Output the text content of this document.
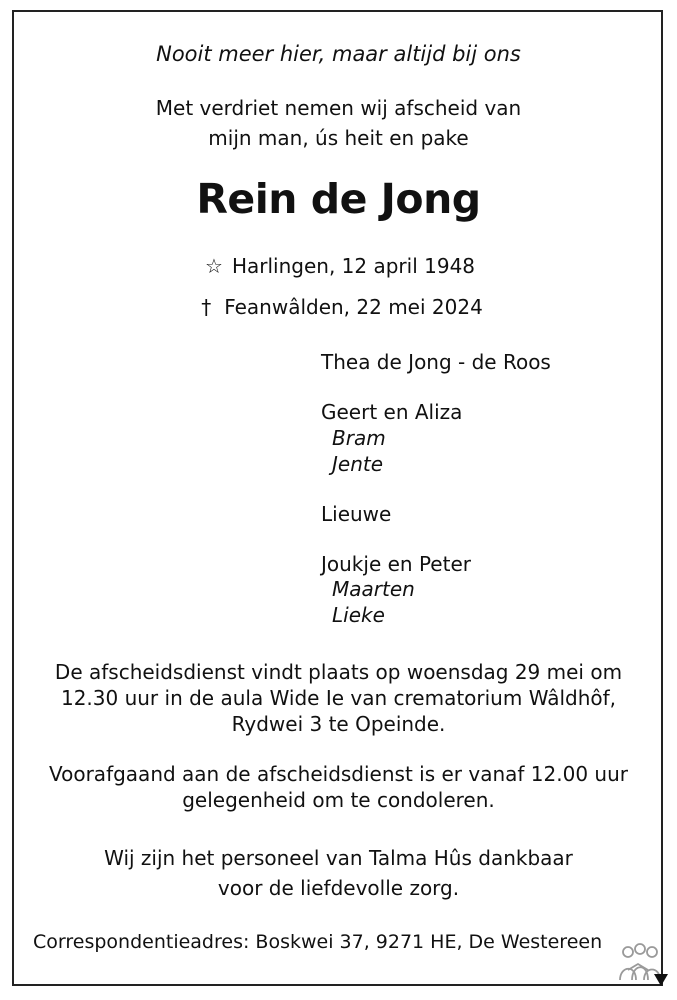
Nooit meer hier, maar altijd bij ons
Met verdriet nemen wij afscheid van
mijn man, ús heit en pake
Rein de Jong
☆ Harlingen, 12 april 1948
† Feanwâlden, 22 mei 2024
Thea de Jong - de Roos
Geert en Aliza
Bram
Jente
Lieuwe
Joukje en Peter
Maarten
Lieke
De afscheidsdienst vindt plaats op woensdag 29 mei om
12.30 uur in de aula Wide Ie van crematorium Wâldhôf,
Rydwei 3 te Opeinde.
Voorafgaand aan de afscheidsdienst is er vanaf 12.00 uur
gelegenheid om te condoleren.
Wij zijn het personeel van Talma Hûs dankbaar
voor de liefdevolle zorg.
Correspondentieadres: Boskwei 37, 9271 HE, De Westereen
